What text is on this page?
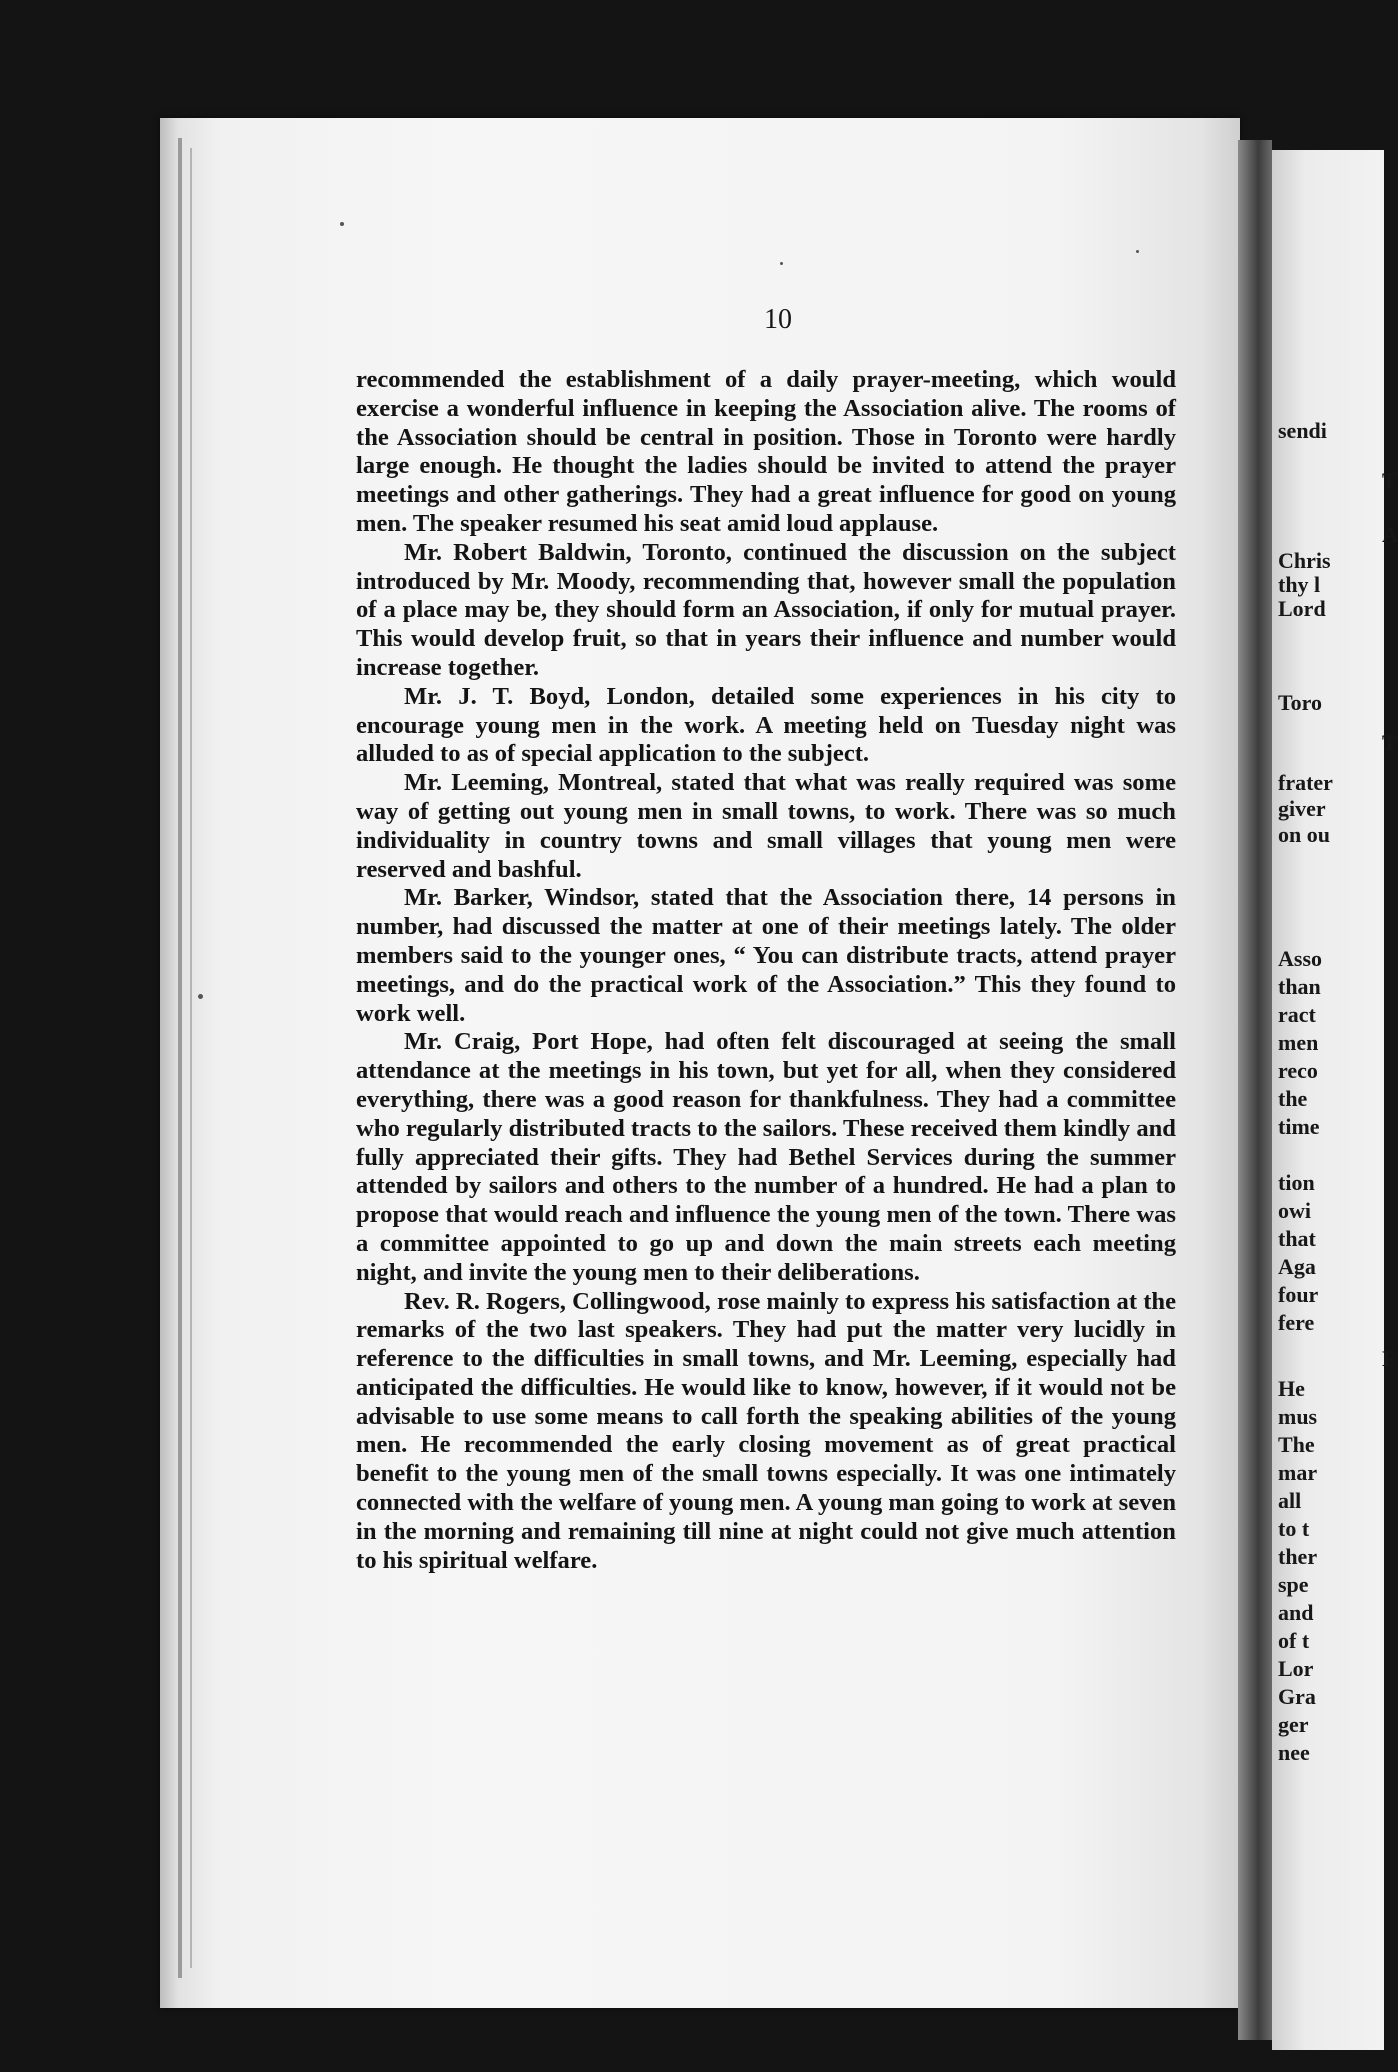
10

recommended the establishment of a daily prayer-meeting, which would exercise a wonderful influence in keeping the Association alive. The rooms of the Association should be central in position. Those in Toronto were hardly large enough. He thought the ladies should be invited to attend the prayer meetings and other gatherings. They had a great influence for good on young men. The speaker resumed his seat amid loud applause.

Mr. Robert Baldwin, Toronto, continued the discussion on the subject introduced by Mr. Moody, recommending that, however small the population of a place may be, they should form an Association, if only for mutual prayer. This would develop fruit, so that in years their influence and number would increase together.

Mr. J. T. Boyd, London, detailed some experiences in his city to encourage young men in the work. A meeting held on Tuesday night was alluded to as of special application to the subject.

Mr. Leeming, Montreal, stated that what was really required was some way of getting out young men in small towns, to work. There was so much individuality in country towns and small villages that young men were reserved and bashful.

Mr. Barker, Windsor, stated that the Association there, 14 persons in number, had discussed the matter at one of their meetings lately. The older members said to the younger ones, “ You can distribute tracts, attend prayer meetings, and do the practical work of the Association.” This they found to work well.

Mr. Craig, Port Hope, had often felt discouraged at seeing the small attendance at the meetings in his town, but yet for all, when they considered everything, there was a good reason for thankfulness. They had a committee who regularly distributed tracts to the sailors. These received them kindly and fully appreciated their gifts. They had Bethel Services during the summer attended by sailors and others to the number of a hundred. He had a plan to propose that would reach and influence the young men of the town. There was a committee appointed to go up and down the main streets each meeting night, and invite the young men to their deliberations.

Rev. R. Rogers, Collingwood, rose mainly to express his satisfaction at the remarks of the two last speakers. They had put the matter very lucidly in reference to the difficulties in small towns, and Mr. Leeming, especially had anticipated the difficulties. He would like to know, however, if it would not be advisable to use some means to call forth the speaking abilities of the young men. He recommended the early closing movement as of great practical benefit to the young men of the small towns especially. It was one intimately connected with the welfare of young men. A young man going to work at seven in the morning and remaining till nine at night could not give much attention to his spiritual welfare.

sendi
T
A
Chris
thy l
Lord
Toro
T
frater
giver
on ou
Asso
than
ract
men
reco
the
time
tion
owi
that
Aga
four
fere
F
He
mus
The
mar
all
to t
ther
spe
and
of t
Lor
Gra
ger
nee
